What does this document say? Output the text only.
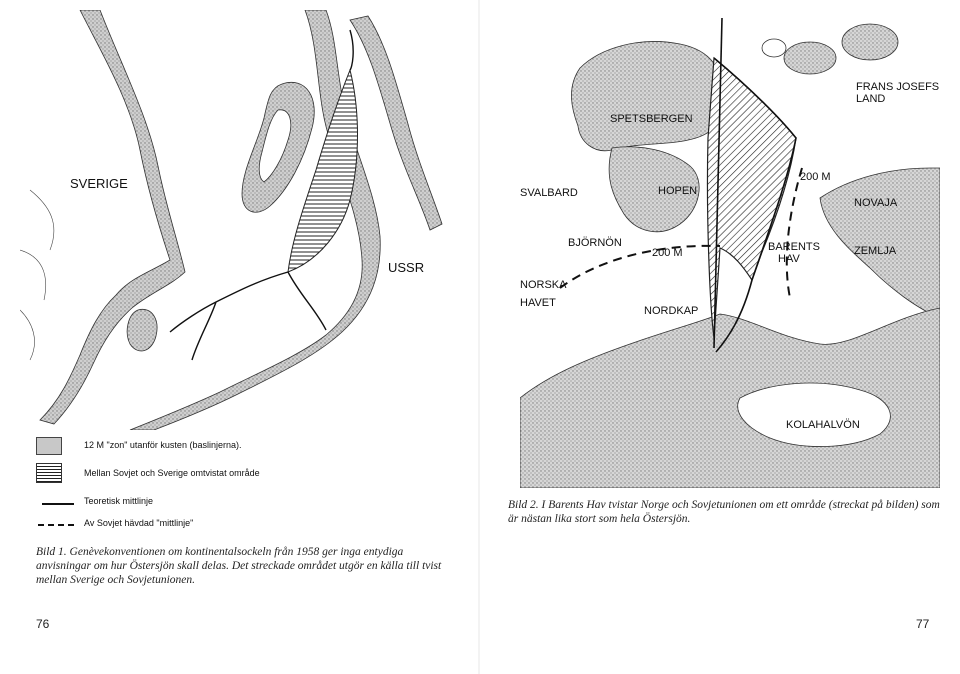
SVERIGE
USSR
12 M "zon" utanför kusten (baslinjerna).
Mellan Sovjet och Sverige omtvistat område
Teoretisk mittlinje
Av Sovjet hävdad "mittlinje"
Bild 1. Genèvekonventionen om kontinentalsockeln från 1958 ger inga entydiga anvisningar om hur Östersjön skall delas. Det streckade området utgör en källa till tvist mellan Sverige och Sovjetunionen.
76
SPETSBERGEN
SVALBARD	HOPEN
FRANS JOSEFS
LAND
200 M
NOVAJA
ZEMLJA
BJÖRNÖN
200 M	BARENTS
HAV
NORSKA
HAVET
NORDKAP
KOLAHALVÖN
Bild 2. I Barents Hav tvistar Norge och Sovjetunionen om ett område (streckat på bilden) som är nästan lika stort som hela Östersjön.
77
